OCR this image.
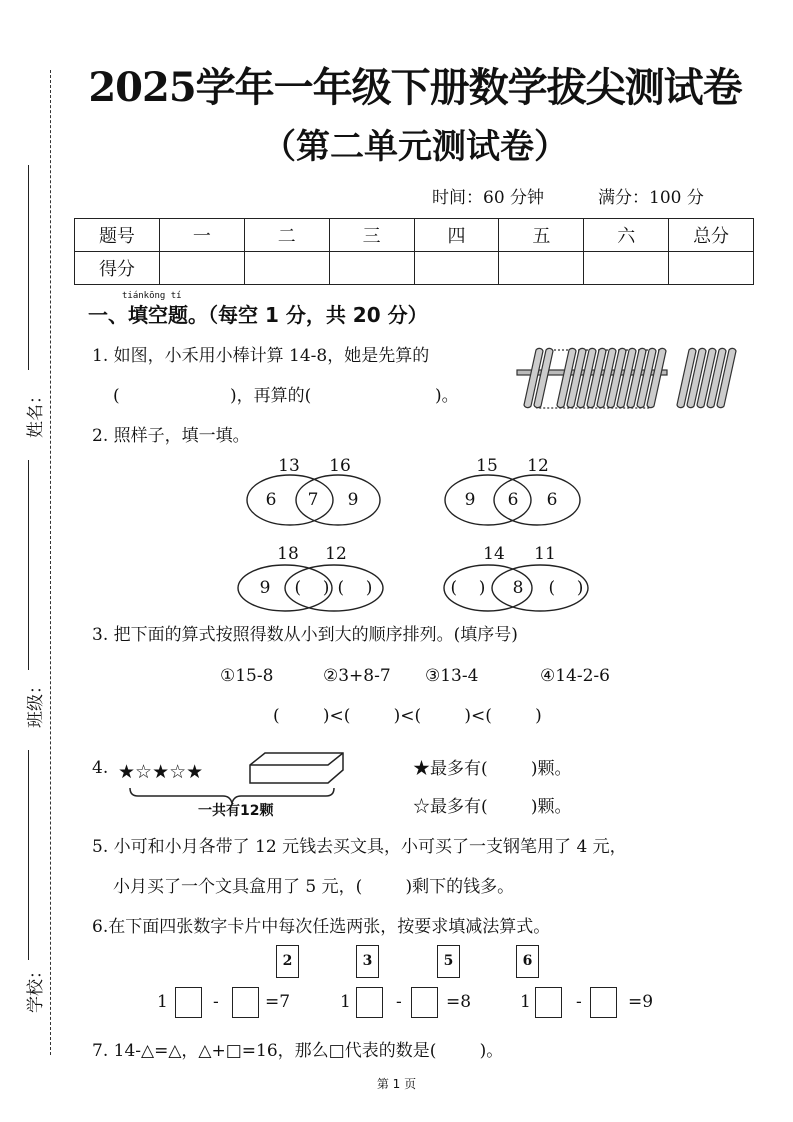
姓名：
班级：
学校：
2025学年一年级下册数学拔尖测试卷
（第二单元测试卷）
时间：60 分钟	满分：100 分
题号	一	二	三	四	五	六	总分
得分							
tiánkōng tí
一、填空题。（每空 1 分，共 20 分）
1. 如图，小禾用小棒计算 14-8，她是先算的
(	)，再算的(	)。
2. 照样子，填一填。
13	16
6	7	9
15	12
9	6	6
18	12
9	(    ) (    )
14	11
(    )	8	(    )
3. 把下面的算式按照得数从小到大的顺序排列。(填序号)
①15-8	②3+8-7 ③13-4	④14-2-6
(        )<(        )<(        )<(        )
4. ★☆★☆★
一共有12颗
★最多有(        )颗。
☆最多有(        )颗。
5. 小可和小月各带了 12 元钱去买文具，小可买了一支钢笔用了 4 元，
小月买了一个文具盒用了 5 元，(        )剩下的钱多。
6.在下面四张数字卡片中每次任选两张，按要求填减法算式。
2	3	5	6
1	-	=7	1	-	=8	1	-	=9
7. 14-△=△，△+□=16，那么□代表的数是(        )。
第 1 页
